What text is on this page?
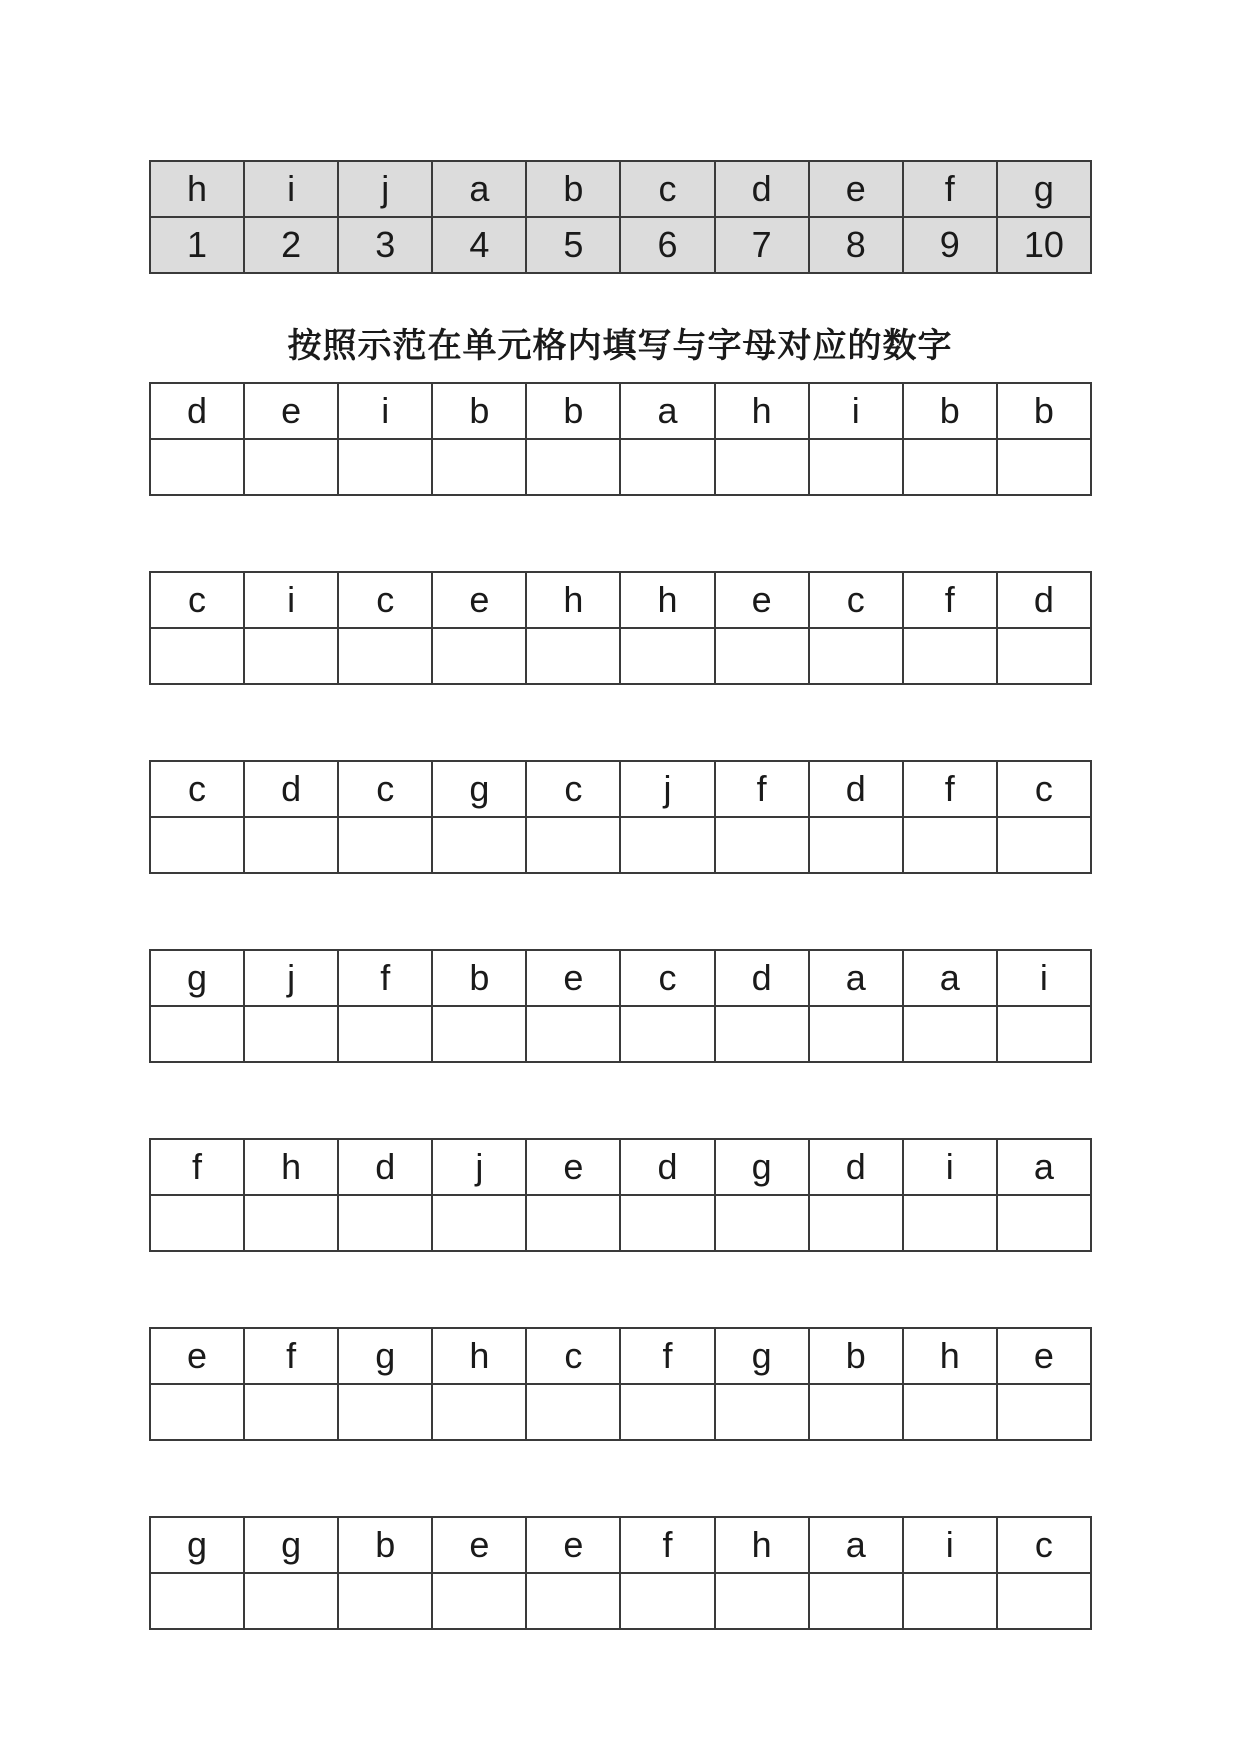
h	i	j	a	b	c	d	e	f	g
1	2	3	4	5	6	7	8	9	10
按照示范在单元格内填写与字母对应的数字
d	e	i	b	b	a	h	i	b	b

c	i	c	e	h	h	e	c	f	d

c	d	c	g	c	j	f	d	f	c

g	j	f	b	e	c	d	a	a	i

f	h	d	j	e	d	g	d	i	a

e	f	g	h	c	f	g	b	h	e

g	g	b	e	e	f	h	a	i	c
